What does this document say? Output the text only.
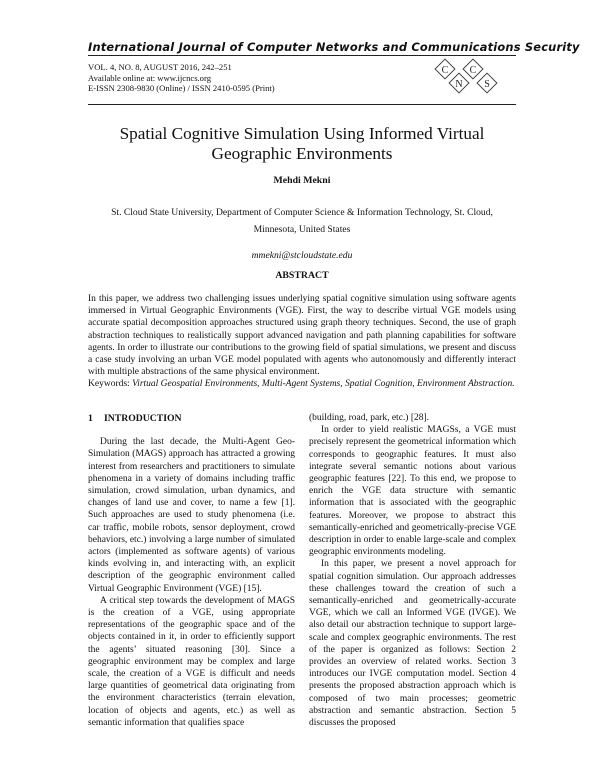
International Journal of Computer Networks and Communications Security
VOL. 4, NO. 8, AUGUST 2016, 242–251
Available online at: www.ijcncs.org
E-ISSN 2308-9830 (Online) / ISSN 2410-0595 (Print)
C
N
C
S
Spatial Cognitive Simulation Using Informed Virtual Geographic Environments
Mehdi Mekni
St. Cloud State University, Department of Computer Science & Information Technology, St. Cloud,
Minnesota, United States
mmekni@stcloudstate.edu
ABSTRACT

In this paper, we address two challenging issues underlying spatial cognitive simulation using software agents immersed in Virtual Geographic Environments (VGE). First, the way to describe virtual VGE models using accurate spatial decomposition approaches structured using graph theory techniques. Second, the use of graph abstraction techniques to realistically support advanced navigation and path planning capabilities for software agents. In order to illustrate our contributions to the growing field of spatial simulations, we present and discuss a case study involving an urban VGE model populated with agents who autonomously and differently interact with multiple abstractions of the same physical environment.

Keywords: Virtual Geospatial Environments, Multi-Agent Systems, Spatial Cognition, Environment Abstraction.
1 INTRODUCTION

During the last decade, the Multi-Agent Geo-Simulation (MAGS) approach has attracted a growing interest from researchers and practitioners to simulate phenomena in a variety of domains including traffic simulation, crowd simulation, urban dynamics, and changes of land use and cover, to name a few [1]. Such approaches are used to study phenomena (i.e. car traffic, mobile robots, sensor deployment, crowd behaviors, etc.) involving a large number of simulated actors (implemented as software agents) of various kinds evolving in, and interacting with, an explicit description of the geographic environment called Virtual Geographic Environment (VGE) [15].

A critical step towards the development of MAGS is the creation of a VGE, using appropriate representations of the geographic space and of the objects contained in it, in order to efficiently support the agents’ situated reasoning [30]. Since a geographic environment may be complex and large scale, the creation of a VGE is difficult and needs large quantities of geometrical data originating from the environment characteristics (terrain elevation, location of objects and agents, etc.) as well as semantic information that qualifies space

(building, road, park, etc.) [28].

In order to yield realistic MAGSs, a VGE must precisely represent the geometrical information which corresponds to geographic features. It must also integrate several semantic notions about various geographic features [22]. To this end, we propose to enrich the VGE data structure with semantic information that is associated with the geographic features. Moreover, we propose to abstract this semantically-enriched and geometrically-precise VGE description in order to enable large-scale and complex geographic environments modeling.

In this paper, we present a novel approach for spatial cognition simulation. Our approach addresses these challenges toward the creation of such a semantically-enriched and geometrically-accurate VGE, which we call an Informed VGE (IVGE). We also detail our abstraction technique to support large-scale and complex geographic environments. The rest of the paper is organized as follows: Section 2 provides an overview of related works. Section 3 introduces our IVGE computation model. Section 4 presents the proposed abstraction approach which is composed of two main processes; geometric abstraction and semantic abstraction. Section 5 discusses the proposed
